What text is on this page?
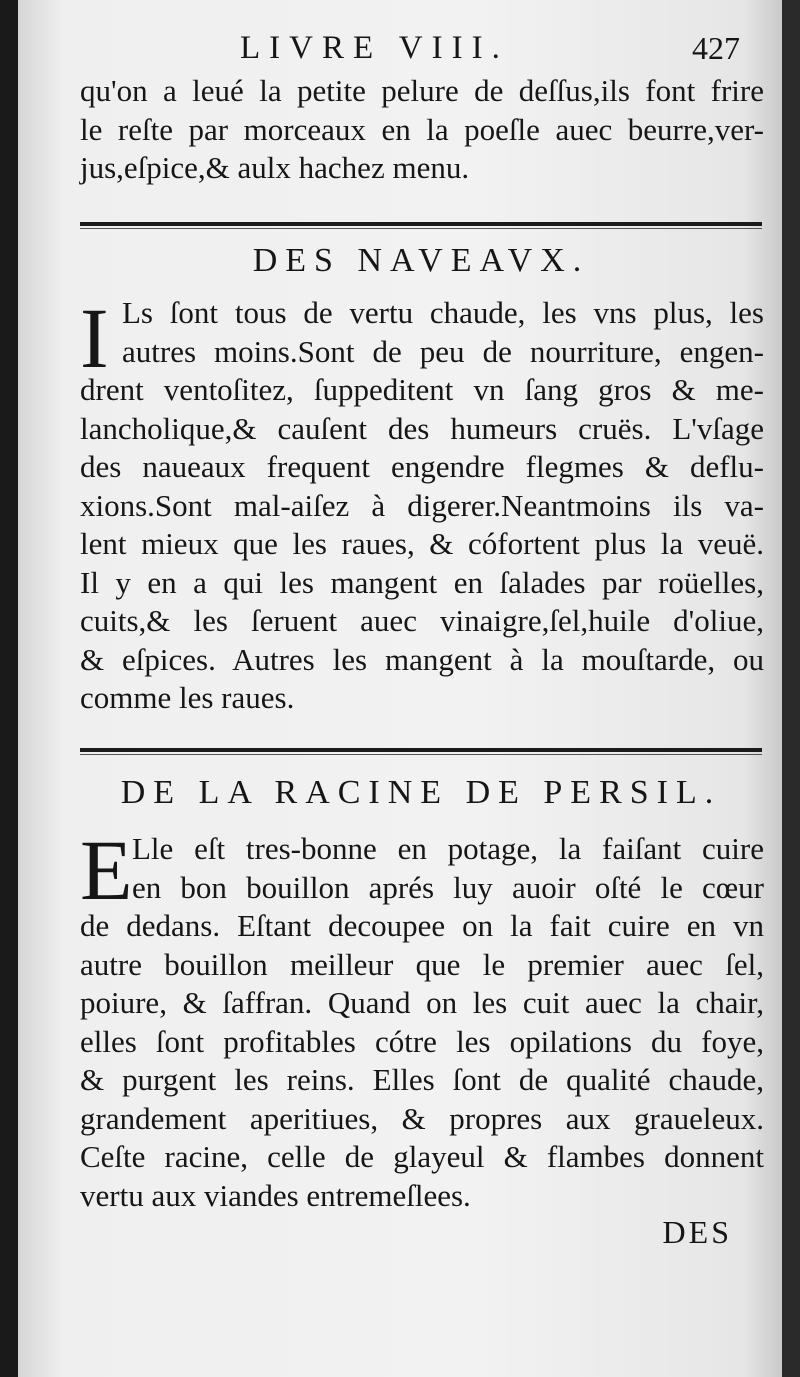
LIVRE VIII.	427
qu'on a leué la petite pelure de deſſus,ils font frire
le reſte par morceaux en la poeſle auec beurre,ver-
jus,eſpice,& aulx hachez menu.
DES NAVEAVX.
I Ls ſont tous de vertu chaude, les vns plus, les
autres moins.Sont de peu de nourriture, engen-
drent ventoſitez, ſuppeditent vn ſang gros & me-
lancholique,& cauſent des humeurs cruës. L'vſage
des naueaux frequent engendre flegmes & deflu-
xions.Sont mal-aiſez à digerer.Neantmoins ils va-
lent mieux que les raues, & cófortent plus la veuë.
Il y en a qui les mangent en ſalades par roüelles,
cuits,& les ſeruent auec vinaigre,ſel,huile d'oliue,
& eſpices. Autres les mangent à la mouſtarde, ou
comme les raues.
DE LA RACINE DE PERSIL.
E Lle eſt tres-bonne en potage, la faiſant cuire
en bon bouillon aprés luy auoir oſté le cœur
de dedans. Eſtant decoupee on la fait cuire en vn
autre bouillon meilleur que le premier auec ſel,
poiure, & ſaffran. Quand on les cuit auec la chair,
elles ſont profitables cótre les opilations du foye,
& purgent les reins. Elles ſont de qualité chaude,
grandement aperitiues, & propres aux graueleux.
Ceſte racine, celle de glayeul & flambes donnent
vertu aux viandes entremeſlees.
DES
